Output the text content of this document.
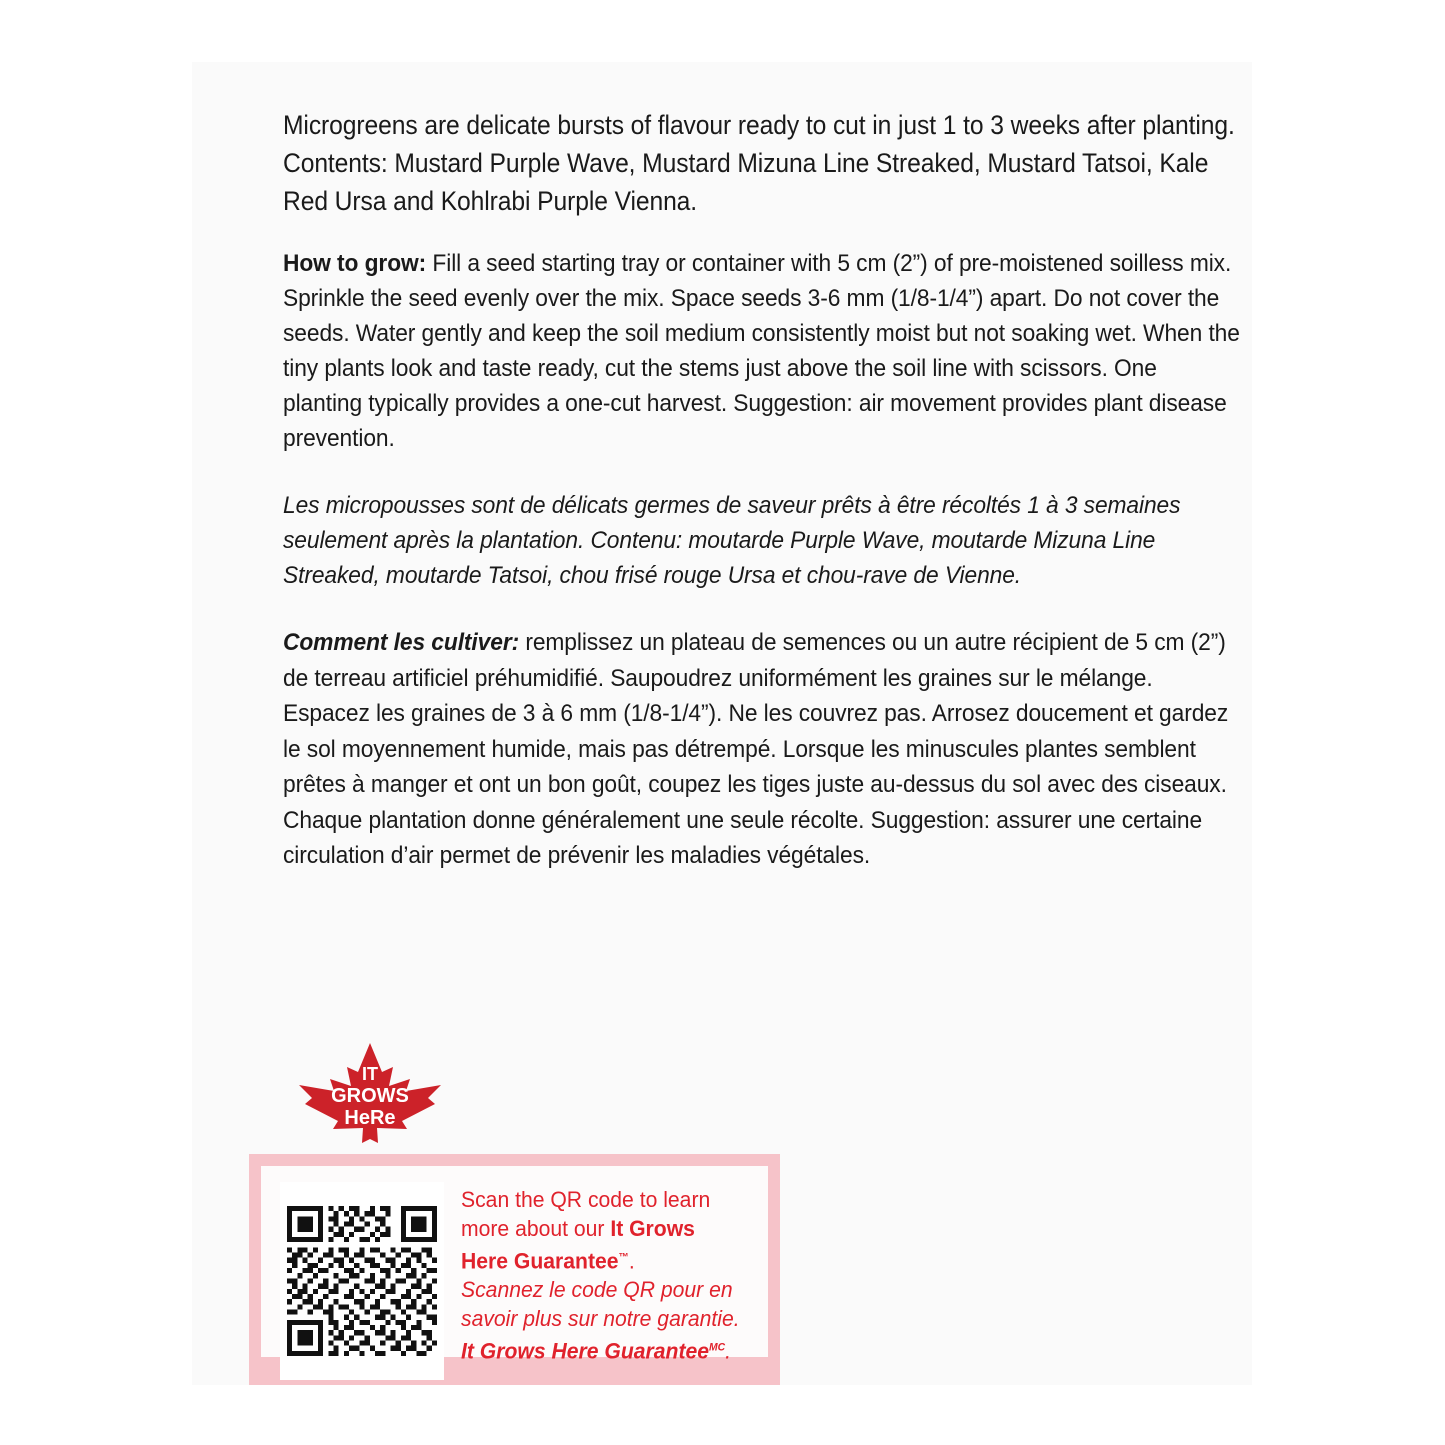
Microgreens are delicate bursts of flavour ready to cut in just 1 to 3 weeks after planting. Contents: Mustard Purple Wave, Mustard Mizuna Line Streaked, Mustard Tatsoi, Kale Red Ursa and Kohlrabi Purple Vienna.

How to grow: Fill a seed starting tray or container with 5 cm (2”) of pre-moistened soilless mix. Sprinkle the seed evenly over the mix. Space seeds 3-6 mm (1/8-1/4”) apart. Do not cover the seeds. Water gently and keep the soil medium consistently moist but not soaking wet. When the tiny plants look and taste ready, cut the stems just above the soil line with scissors. One planting typically provides a one-cut harvest. Suggestion: air movement provides plant disease prevention.

Les micropousses sont de délicats germes de saveur prêts à être récoltés 1 à 3 semaines seulement après la plantation. Contenu: moutarde Purple Wave, moutarde Mizuna Line Streaked, moutarde Tatsoi, chou frisé rouge Ursa et chou-rave de Vienne.

Comment les cultiver: remplissez un plateau de semences ou un autre récipient de 5 cm (2”) de terreau artificiel préhumidifié. Saupoudrez uniformément les graines sur le mélange. Espacez les graines de 3 à 6 mm (1/8-1/4”). Ne les couvrez pas. Arrosez doucement et gardez le sol moyennement humide, mais pas détrempé. Lorsque les minuscules plantes semblent prêtes à manger et ont un bon goût, coupez les tiges juste au-dessus du sol avec des ciseaux. Chaque plantation donne généralement une seule récolte. Suggestion: assurer une certaine circulation d’air permet de prévenir les maladies végétales.

IT
GROWS
HeRe
Scan the QR code to learn more about our It Grows Here Guarantee™.
Scannez le code QR pour en savoir plus sur notre garantie. It Grows Here Guarantee$^{MC}$.
